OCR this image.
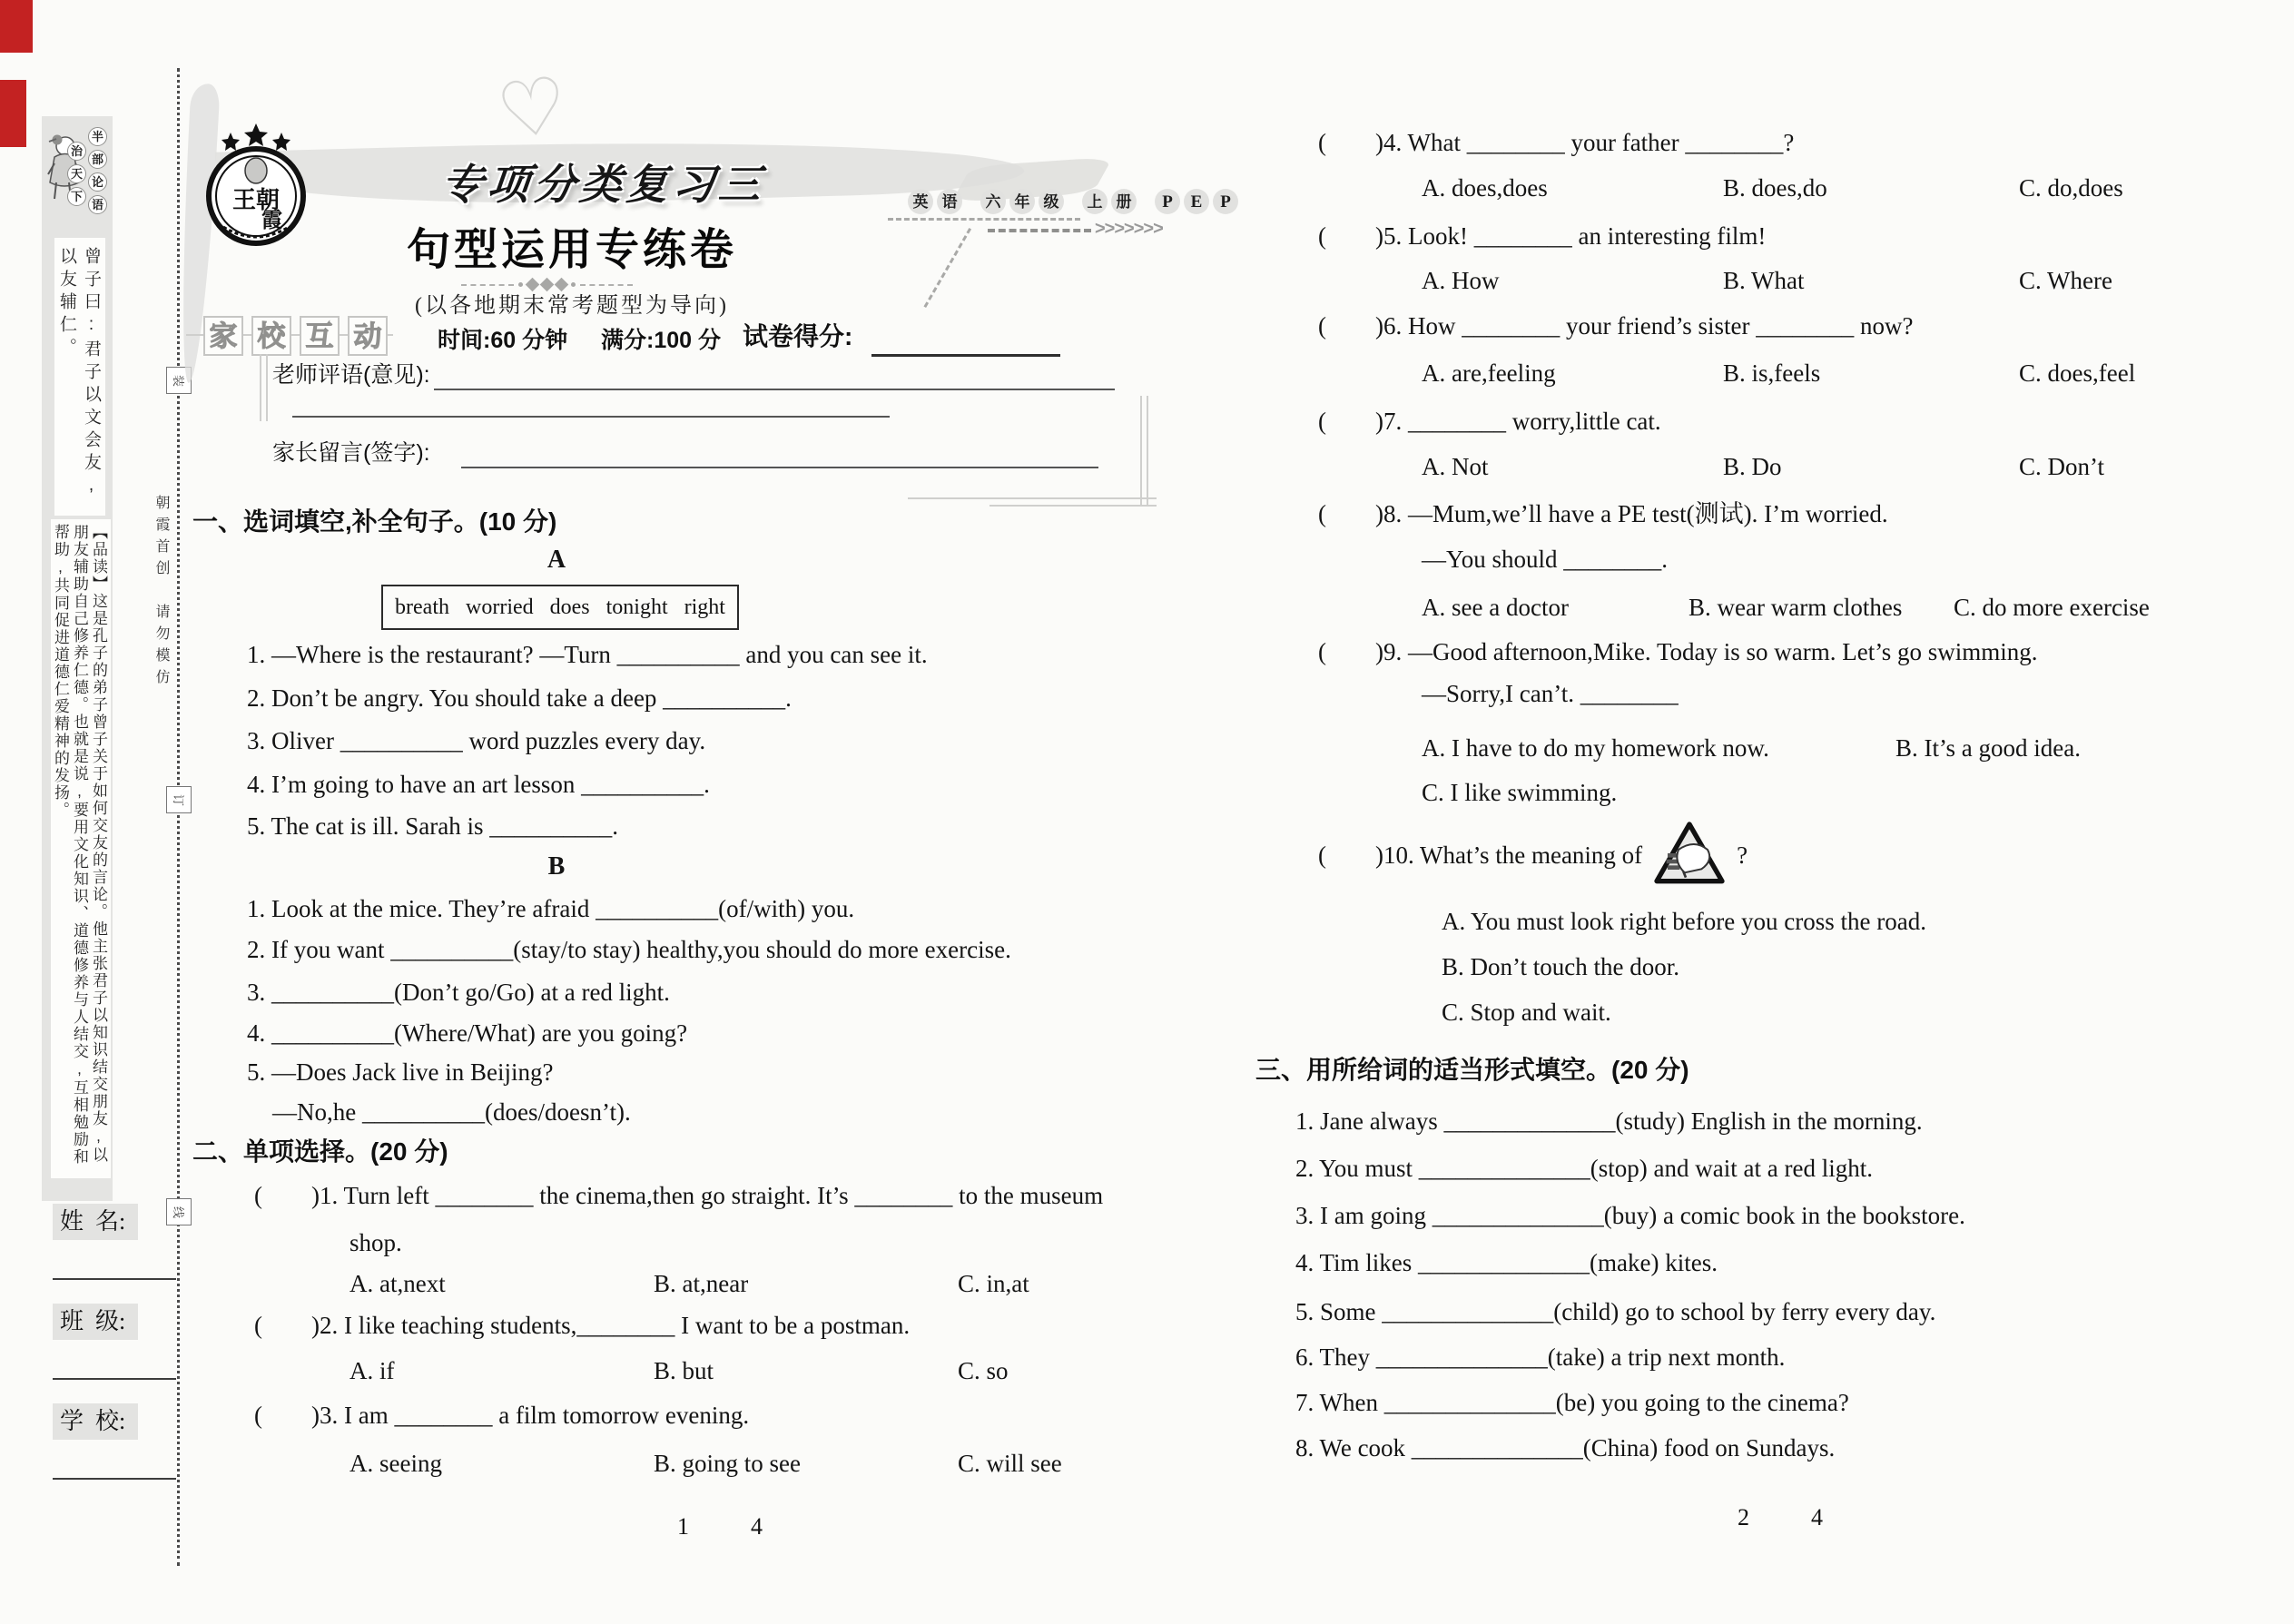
治
天
下
半
部
论
语
曾子曰:君子以文会友,以友辅仁。
【品读】这是孔子的弟子曾子关于如何交友的言论。他主张君子以知识结交朋友,以朋友辅助自己修养仁德。也就是说,要用文化知识、道德修养与人结交,互相勉励和帮助,共同促进道德仁爱精神的发扬。
姓  名:
班  级:
学  校:
装
订
线
朝霞首创　请勿模仿
♡
王朝
霞
专项分类复习三	英 语	六 年 级	上 册	P	E	P
>>>>>>>
句型运用专练卷
(以各地期末常考题型为导向)
家 校 互 动 时间:60 分钟 满分:100 分 试卷得分:
老师评语(意见):
家长留言(签字):
一、选词填空,补全句子。(10 分)
A
breath   worried   does   tonight   right
1. —Where is the restaurant? —Turn __________ and you can see it.
2. Don’t be angry. You should take a deep __________.
3. Oliver __________ word puzzles every day.
4. I’m going to have an art lesson __________.
5. The cat is ill. Sarah is __________.
B
1. Look at the mice. They’re afraid __________(of/with) you.
2. If you want __________(stay/to stay) healthy,you should do more exercise.
3. __________(Don’t go/Go) at a red light.
4. __________(Where/What) are you going?
5. —Does Jack live in Beijing?
—No,he __________(does/doesn’t).
二、单项选择。(20 分)
(        )1. Turn left ________ the cinema,then go straight. It’s ________ to the museum
shop.
A. at,next	B. at,near	C. in,at
(        )2. I like teaching students,________ I want to be a postman.
A. if	B. but	C. so
(        )3. I am ________ a film tomorrow evening.
A. seeing	B. going to see	C. will see
1	4
(        )4. What ________ your father ________?
A. does,does	B. does,do	C. do,does
(        )5. Look! ________ an interesting film!
A. How	B. What	C. Where
(        )6. How ________ your friend’s sister ________ now?
A. are,feeling	B. is,feels	C. does,feel
(        )7. ________ worry,little cat.
A. Not	B. Do	C. Don’t
(        )8. —Mum,we’ll have a PE test(测试). I’m worried.
—You should ________.
A. see a doctor	B. wear warm clothes C. do more exercise
(        )9. —Good afternoon,Mike. Today is so warm. Let’s go swimming.
—Sorry,I can’t. ________
A. I have to do my homework now.	B. It’s a good idea.
C. I like swimming.
(        )10. What’s the meaning of	?
A. You must look right before you cross the road.
B. Don’t touch the door.
C. Stop and wait.
三、用所给词的适当形式填空。(20 分)
1. Jane always ______________(study) English in the morning.
2. You must ______________(stop) and wait at a red light.
3. I am going ______________(buy) a comic book in the bookstore.
4. Tim likes ______________(make) kites.
5. Some ______________(child) go to school by ferry every day.
6. They ______________(take) a trip next month.
7. When ______________(be) you going to the cinema?
8. We cook ______________(China) food on Sundays.
2	4
